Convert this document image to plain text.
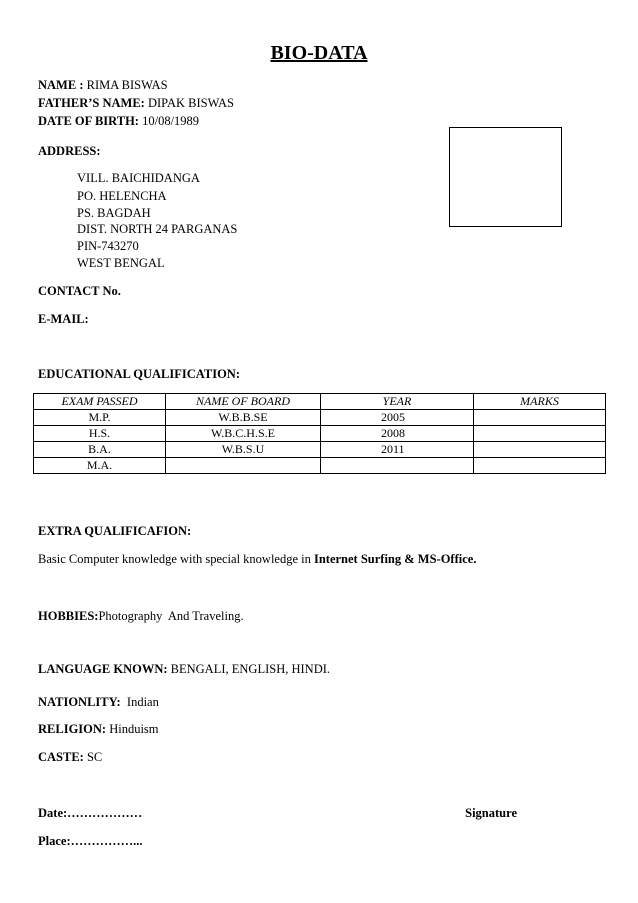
BIO-DATA
NAME : RIMA BISWAS
FATHER’S NAME: DIPAK BISWAS
DATE OF BIRTH: 10/08/1989
ADDRESS:
VILL. BAICHIDANGA
PO. HELENCHA
PS. BAGDAH
DIST. NORTH 24 PARGANAS
PIN-743270
WEST BENGAL
CONTACT No.
E-MAIL:
EDUCATIONAL QUALIFICATION:
EXAM PASSED	NAME OF BOARD	YEAR	MARKS
M.P.	W.B.B.SE	2005	
H.S.	W.B.C.H.S.E	2008	
B.A.	W.B.S.U	2011	
M.A.			
EXTRA QUALIFICAFION:
Basic Computer knowledge with special knowledge in Internet Surfing & MS-Office.
HOBBIES:Photography  And Traveling.
LANGUAGE KNOWN: BENGALI, ENGLISH, HINDI.
NATIONLITY:  Indian
RELIGION: Hinduism
CASTE: SC
Date:………………	Signature
Place:……………...
